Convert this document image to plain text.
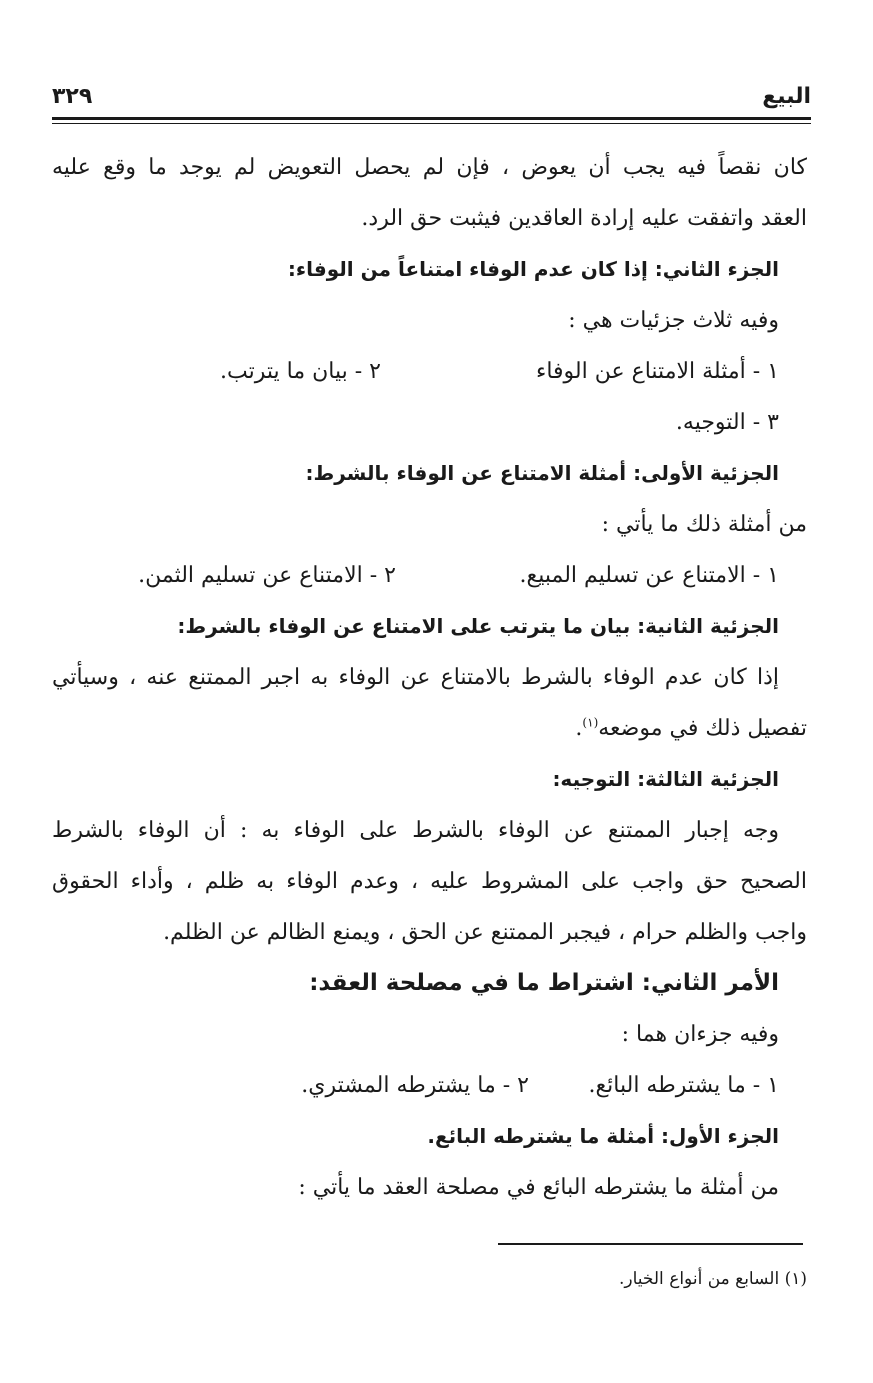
البيع
٣٢٩
كان نقصاً فيه يجب أن يعوض ، فإن لم يحصل التعويض لم يوجد ما وقع عليه
العقد واتفقت عليه إرادة العاقدين فيثبت حق الرد.
الجزء الثاني: إذا كان عدم الوفاء امتناعاً من الوفاء:
وفيه ثلاث جزئيات هي :
١ - أمثلة الامتناع عن الوفاء
٢ - بيان ما يترتب.
٣ - التوجيه.
الجزئية الأولى: أمثلة الامتناع عن الوفاء بالشرط:
من أمثلة ذلك ما يأتي :
١ - الامتناع عن تسليم المبيع.
٢ - الامتناع عن تسليم الثمن.
الجزئية الثانية: بيان ما يترتب على الامتناع عن الوفاء بالشرط:
إذا كان عدم الوفاء بالشرط بالامتناع عن الوفاء به اجبر الممتنع عنه ، وسيأتي
تفصيل ذلك في موضعه$^{(١)}$.
الجزئية الثالثة: التوجيه:
وجه إجبار الممتنع عن الوفاء بالشرط على الوفاء به : أن الوفاء بالشرط
الصحيح حق واجب على المشروط عليه ، وعدم الوفاء به ظلم ، وأداء الحقوق
واجب والظلم حرام ، فيجبر الممتنع عن الحق ، ويمنع الظالم عن الظلم.
الأمر الثاني: اشتراط ما في مصلحة العقد:
وفيه جزءان هما :
١ - ما يشترطه البائع.
٢ - ما يشترطه المشتري.
الجزء الأول: أمثلة ما يشترطه البائع.
من أمثلة ما يشترطه البائع في مصلحة العقد ما يأتي :
(١) السابع من أنواع الخيار.
